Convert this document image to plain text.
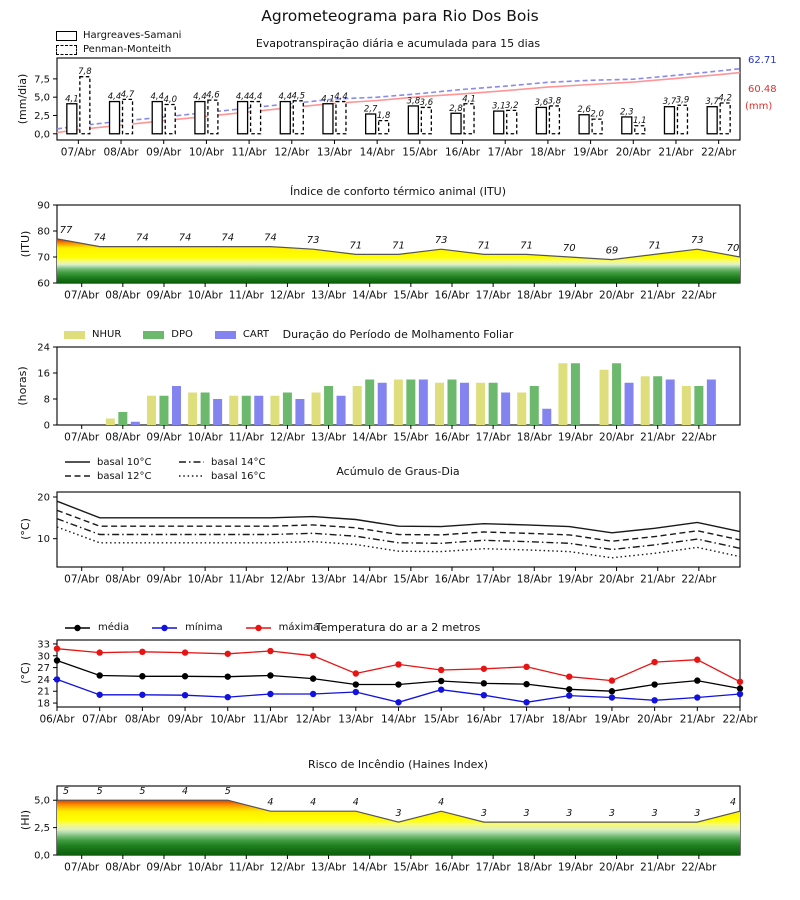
Agrometeograma para Rio Dos Bois
Evapotranspiração diária e acumulada para 15 dias
Índice de conforto térmico animal (ITU)
Duração do Período de Molhamento Foliar
Acúmulo de Graus-Dia
Temperatura do ar a 2 metros
Risco de Incêndio (Haines Index)
(mm/dia)
(ITU)
(horas)
(°C)
(°C)
(HI)
62.71
60.48
(mm)
Hargreaves-Samani
Penman-Monteith
NHUR	DPO	CART
basal 10°C	basal 14°C
basal 12°C	basal 16°C
média	mínima	máxima
0,0
2,5
5,0
7,5
07/Abr 08/Abr 09/Abr 10/Abr 11/Abr 12/Abr 13/Abr 14/Abr 15/Abr 16/Abr 17/Abr 18/Abr 19/Abr 20/Abr 21/Abr 22/Abr
4,1	4,4	4,4	4,4	4,4	4,4	4,1
2,7
3,8
2,8	3,1	3,6
2,6	2,3
3,7	3,7
7,8
4,7
4,0	4,6	4,4	4,5	4,4
1,8
3,6	4,1
3,2	3,8
2,0
1,1
3,9	4,2
60
70
80
90
07/Abr 08/Abr 09/Abr 10/Abr 11/Abr 12/Abr 13/Abr 14/Abr 15/Abr 16/Abr 17/Abr 18/Abr 19/Abr 20/Abr 21/Abr 22/Abr
77
74	74	74	74	74	73	71	71	73	71	71	70	69	71	73
70
0
8
16
24
07/Abr 08/Abr 09/Abr 10/Abr 11/Abr 12/Abr 13/Abr 14/Abr 15/Abr 16/Abr 17/Abr 18/Abr 19/Abr 20/Abr 21/Abr 22/Abr
10
20
07/Abr 08/Abr 09/Abr 10/Abr 11/Abr 12/Abr 13/Abr 14/Abr 15/Abr 16/Abr 17/Abr 18/Abr 19/Abr 20/Abr 21/Abr 22/Abr
18
21
24
27
30
33
06/Abr 07/Abr 08/Abr 09/Abr 10/Abr 11/Abr 12/Abr 13/Abr 14/Abr 15/Abr 16/Abr 17/Abr 18/Abr 19/Abr 20/Abr 21/Abr 22/Abr
0,0
2,5
5,0
07/Abr 08/Abr 09/Abr 10/Abr 11/Abr 12/Abr 13/Abr 14/Abr 15/Abr 16/Abr 17/Abr 18/Abr 19/Abr 20/Abr 21/Abr 22/Abr
5	5	5	4	5
4	4	4
3
4
3	3	3	3	3	3
4
